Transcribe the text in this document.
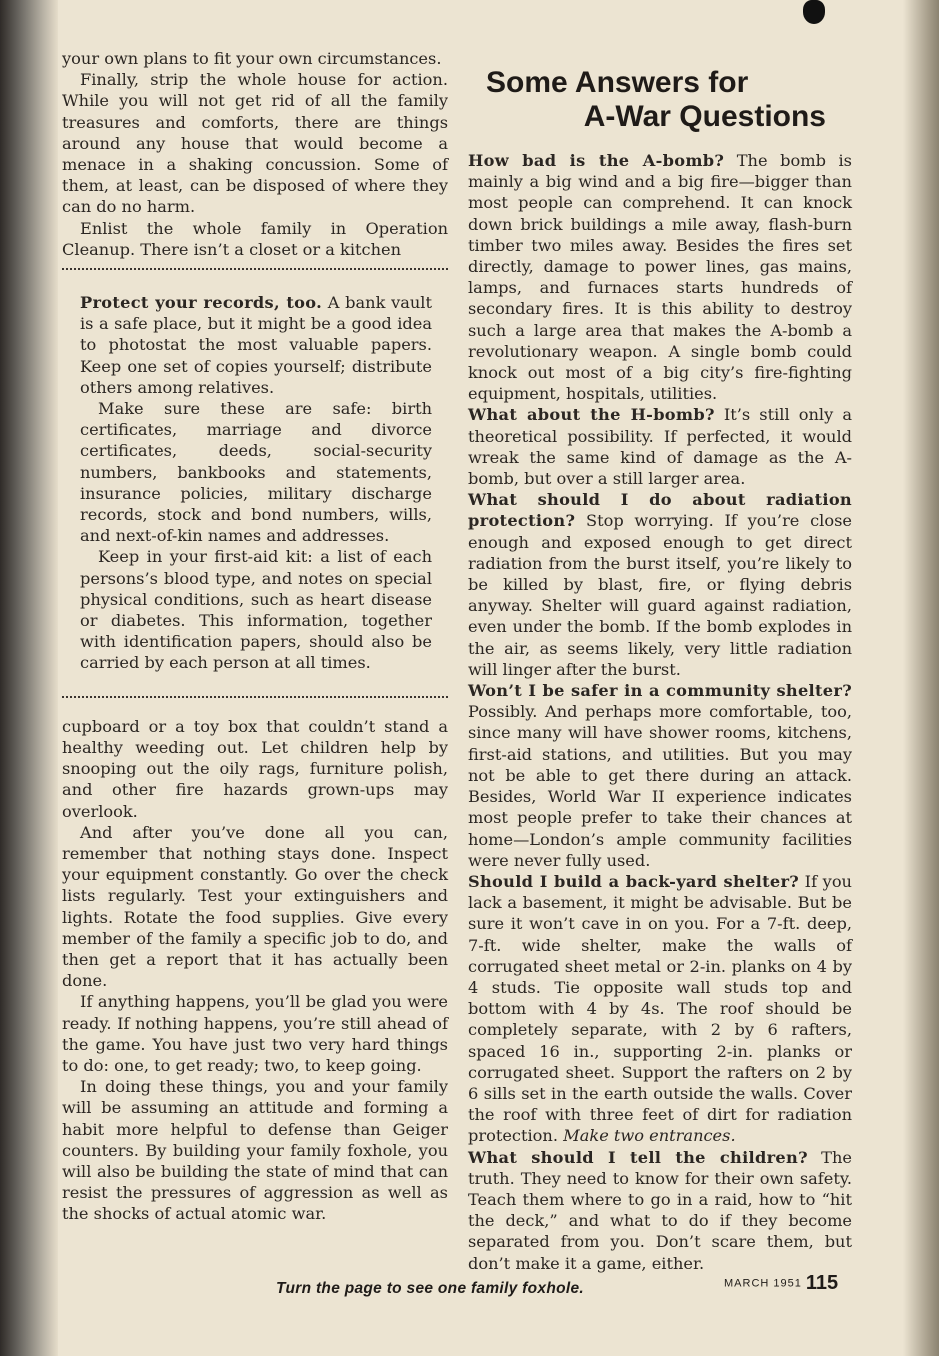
your own plans to fit your own circumstances.

Finally, strip the whole house for action. While you will not get rid of all the family treasures and comforts, there are things around any house that would become a menace in a shaking concussion. Some of them, at least, can be disposed of where they can do no harm.

Enlist the whole family in Operation Cleanup. There isn’t a closet or a kitchen

Protect your records, too. A bank vault is a safe place, but it might be a good idea to photostat the most valuable papers. Keep one set of copies yourself; distribute others among relatives.

Make sure these are safe: birth certificates, marriage and divorce certificates, deeds, social-security numbers, bankbooks and statements, insurance policies, military discharge records, stock and bond numbers, wills, and next-of-kin names and addresses.

Keep in your first-aid kit: a list of each persons’s blood type, and notes on special physical conditions, such as heart disease or diabetes. This information, together with identification papers, should also be carried by each person at all times.

cupboard or a toy box that couldn’t stand a healthy weeding out. Let children help by snooping out the oily rags, furniture polish, and other fire hazards grown-ups may overlook.

And after you’ve done all you can, remember that nothing stays done. Inspect your equipment constantly. Go over the check lists regularly. Test your extinguishers and lights. Rotate the food supplies. Give every member of the family a specific job to do, and then get a report that it has actually been done.

If anything happens, you’ll be glad you were ready. If nothing happens, you’re still ahead of the game. You have just two very hard things to do: one, to get ready; two, to keep going.

In doing these things, you and your family will be assuming an attitude and forming a habit more helpful to defense than Geiger counters. By building your family foxhole, you will also be building the state of mind that can resist the pressures of aggression as well as the shocks of actual atomic war.

Some Answers for
A-War Questions

How bad is the A-bomb? The bomb is mainly a big wind and a big fire—bigger than most people can comprehend. It can knock down brick buildings a mile away, flash-burn timber two miles away. Besides the fires set directly, damage to power lines, gas mains, lamps, and furnaces starts hundreds of secondary fires. It is this ability to destroy such a large area that makes the A-bomb a revolutionary weapon. A single bomb could knock out most of a big city’s fire-fighting equipment, hospitals, utilities.

What about the H-bomb? It’s still only a theoretical possibility. If perfected, it would wreak the same kind of damage as the A-bomb, but over a still larger area.

What should I do about radiation protection? Stop worrying. If you’re close enough and exposed enough to get direct radiation from the burst itself, you’re likely to be killed by blast, fire, or flying debris anyway. Shelter will guard against radiation, even under the bomb. If the bomb explodes in the air, as seems likely, very little radiation will linger after the burst.

Won’t I be safer in a community shelter? Possibly. And perhaps more comfortable, too, since many will have shower rooms, kitchens, first-aid stations, and utilities. But you may not be able to get there during an attack. Besides, World War II experience indicates most people prefer to take their chances at home—London’s ample community facilities were never fully used.

Should I build a back-yard shelter? If you lack a basement, it might be advisable. But be sure it won’t cave in on you. For a 7-ft. deep, 7-ft. wide shelter, make the walls of corrugated sheet metal or 2-in. planks on 4 by 4 studs. Tie opposite wall studs top and bottom with 4 by 4s. The roof should be completely separate, with 2 by 6 rafters, spaced 16 in., supporting 2-in. planks or corrugated sheet. Support the rafters on 2 by 6 sills set in the earth outside the walls. Cover the roof with three feet of dirt for radiation protection. Make two entrances.

What should I tell the children? The truth. They need to know for their own safety. Teach them where to go in a raid, how to “hit the deck,” and what to do if they become separated from you. Don’t scare them, but don’t make it a game, either.

Turn the page to see one family foxhole.	MARCH 1951 115
